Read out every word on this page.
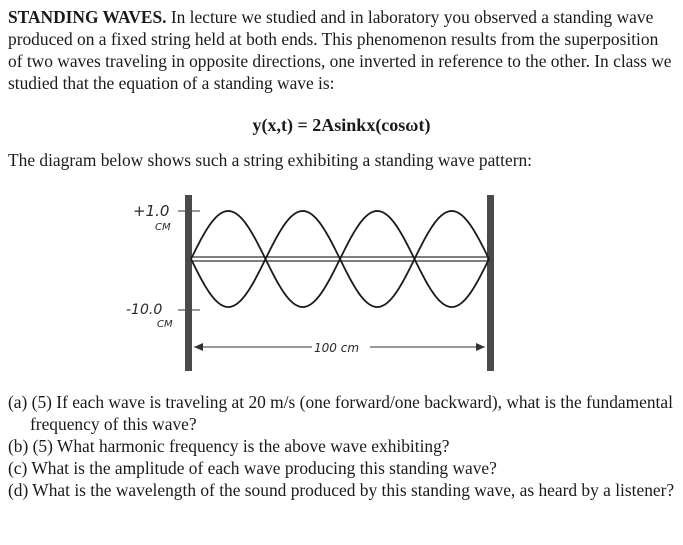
STANDING WAVES. In lecture we studied and in laboratory you observed a standing wave produced on a fixed string held at both ends. This phenomenon results from the superposition of two waves traveling in opposite directions, one inverted in reference to the other. In class we studied that the equation of a standing wave is:

y(x,t) = 2Asinkx(cosωt)

The diagram below shows such a string exhibiting a standing wave pattern:

+1.0
CM
-10.0
CM
100 cm

(a) (5) If each wave is traveling at 20 m/s (one forward/one backward), what is the fundamental frequency of this wave?

(b) (5) What harmonic frequency is the above wave exhibiting?

(c) What is the amplitude of each wave producing this standing wave?

(d) What is the wavelength of the sound produced by this standing wave, as heard by a listener?
